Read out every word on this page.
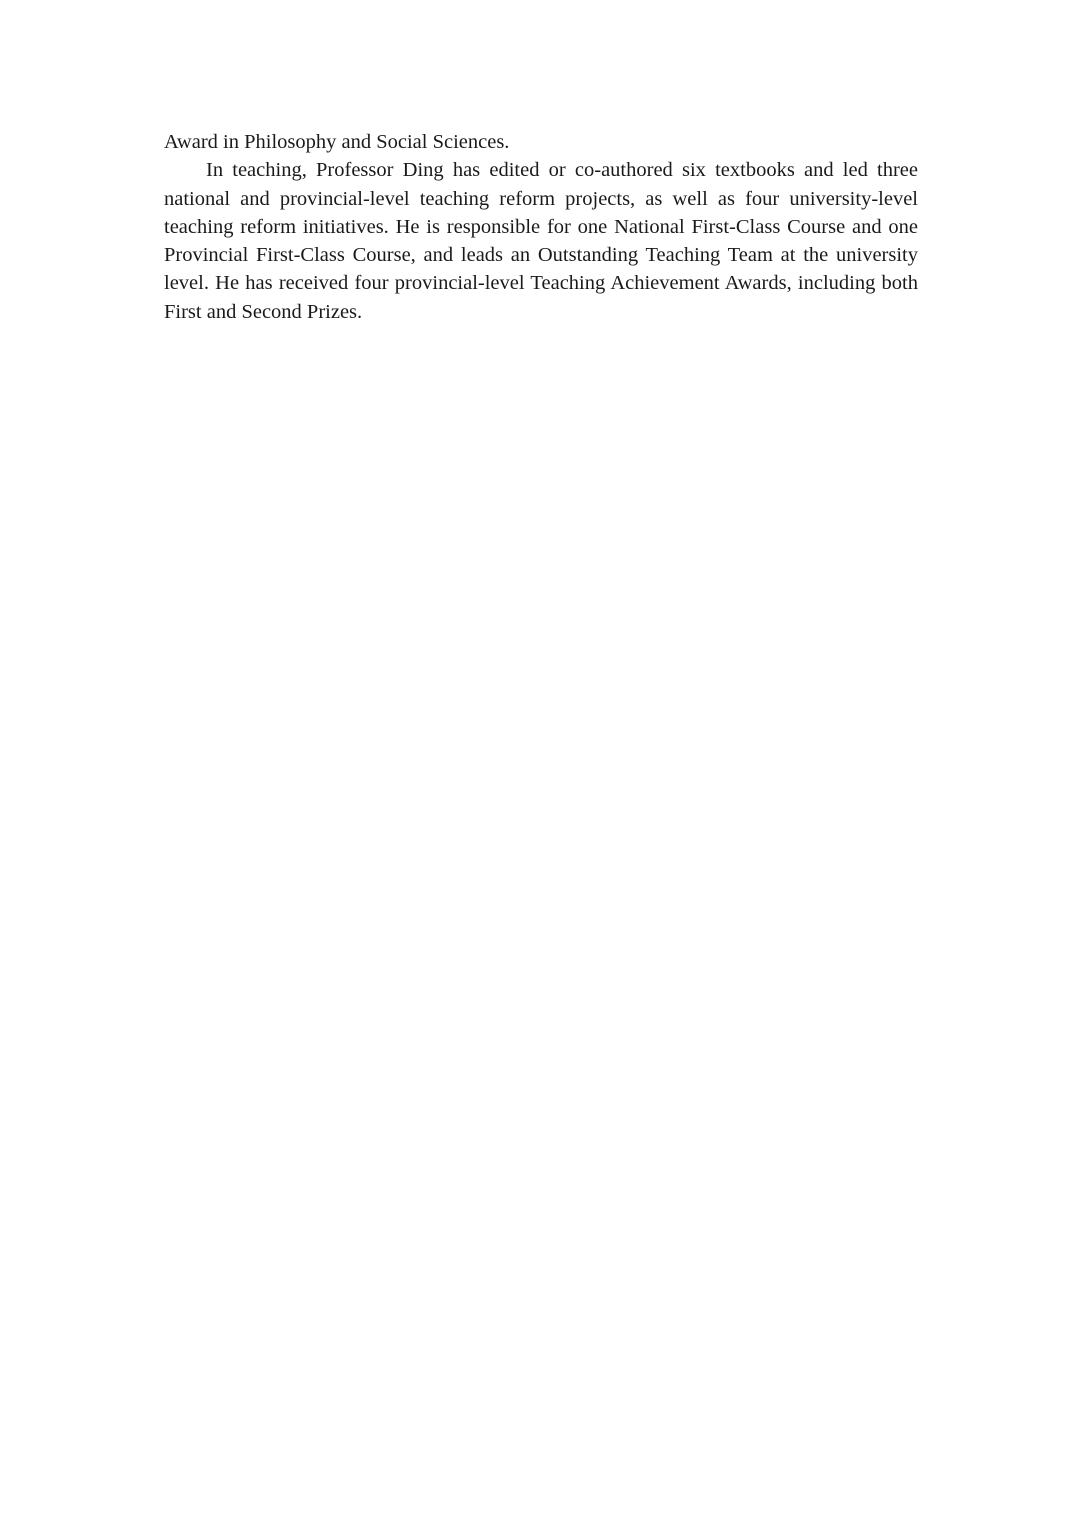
Award in Philosophy and Social Sciences.

In teaching, Professor Ding has edited or co-authored six textbooks and led three national and provincial-level teaching reform projects, as well as four university-level teaching reform initiatives. He is responsible for one National First-Class Course and one Provincial First-Class Course, and leads an Outstanding Teaching Team at the university level. He has received four provincial-level Teaching Achievement Awards, including both First and Second Prizes.
